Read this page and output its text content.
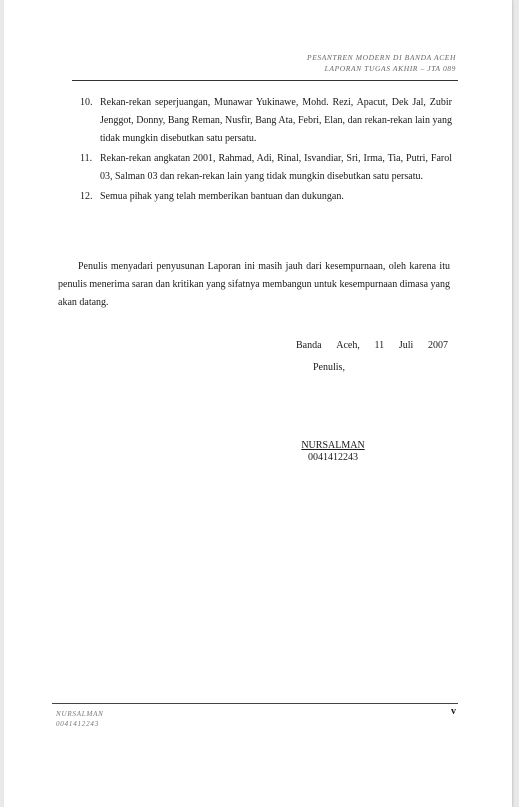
PESANTREN MODERN DI BANDA ACEH
LAPORAN TUGAS AKHIR – JTA 089
10. Rekan-rekan seperjuangan, Munawar Yukinawe, Mohd. Rezi, Apacut, Dek Jal, Zubir Jenggot, Donny, Bang Reman, Nusfir, Bang Ata, Febri, Elan, dan rekan-rekan lain yang tidak mungkin disebutkan satu persatu.
11. Rekan-rekan angkatan 2001, Rahmad, Adi, Rinal, Isvandiar, Sri, Irma, Tia, Putri, Farol 03, Salman 03 dan rekan-rekan lain yang tidak mungkin disebutkan satu persatu.
12. Semua pihak yang telah memberikan bantuan dan dukungan.

Penulis menyadari penyusunan Laporan ini masih jauh dari kesempurnaan, oleh karena itu penulis menerima saran dan kritikan yang sifatnya membangun untuk kesempurnaan dimasa yang akan datang.

Banda Aceh, 11 Juli 2007
Penulis,
NURSALMAN
0041412243
NURSALMAN
0041412243
v
